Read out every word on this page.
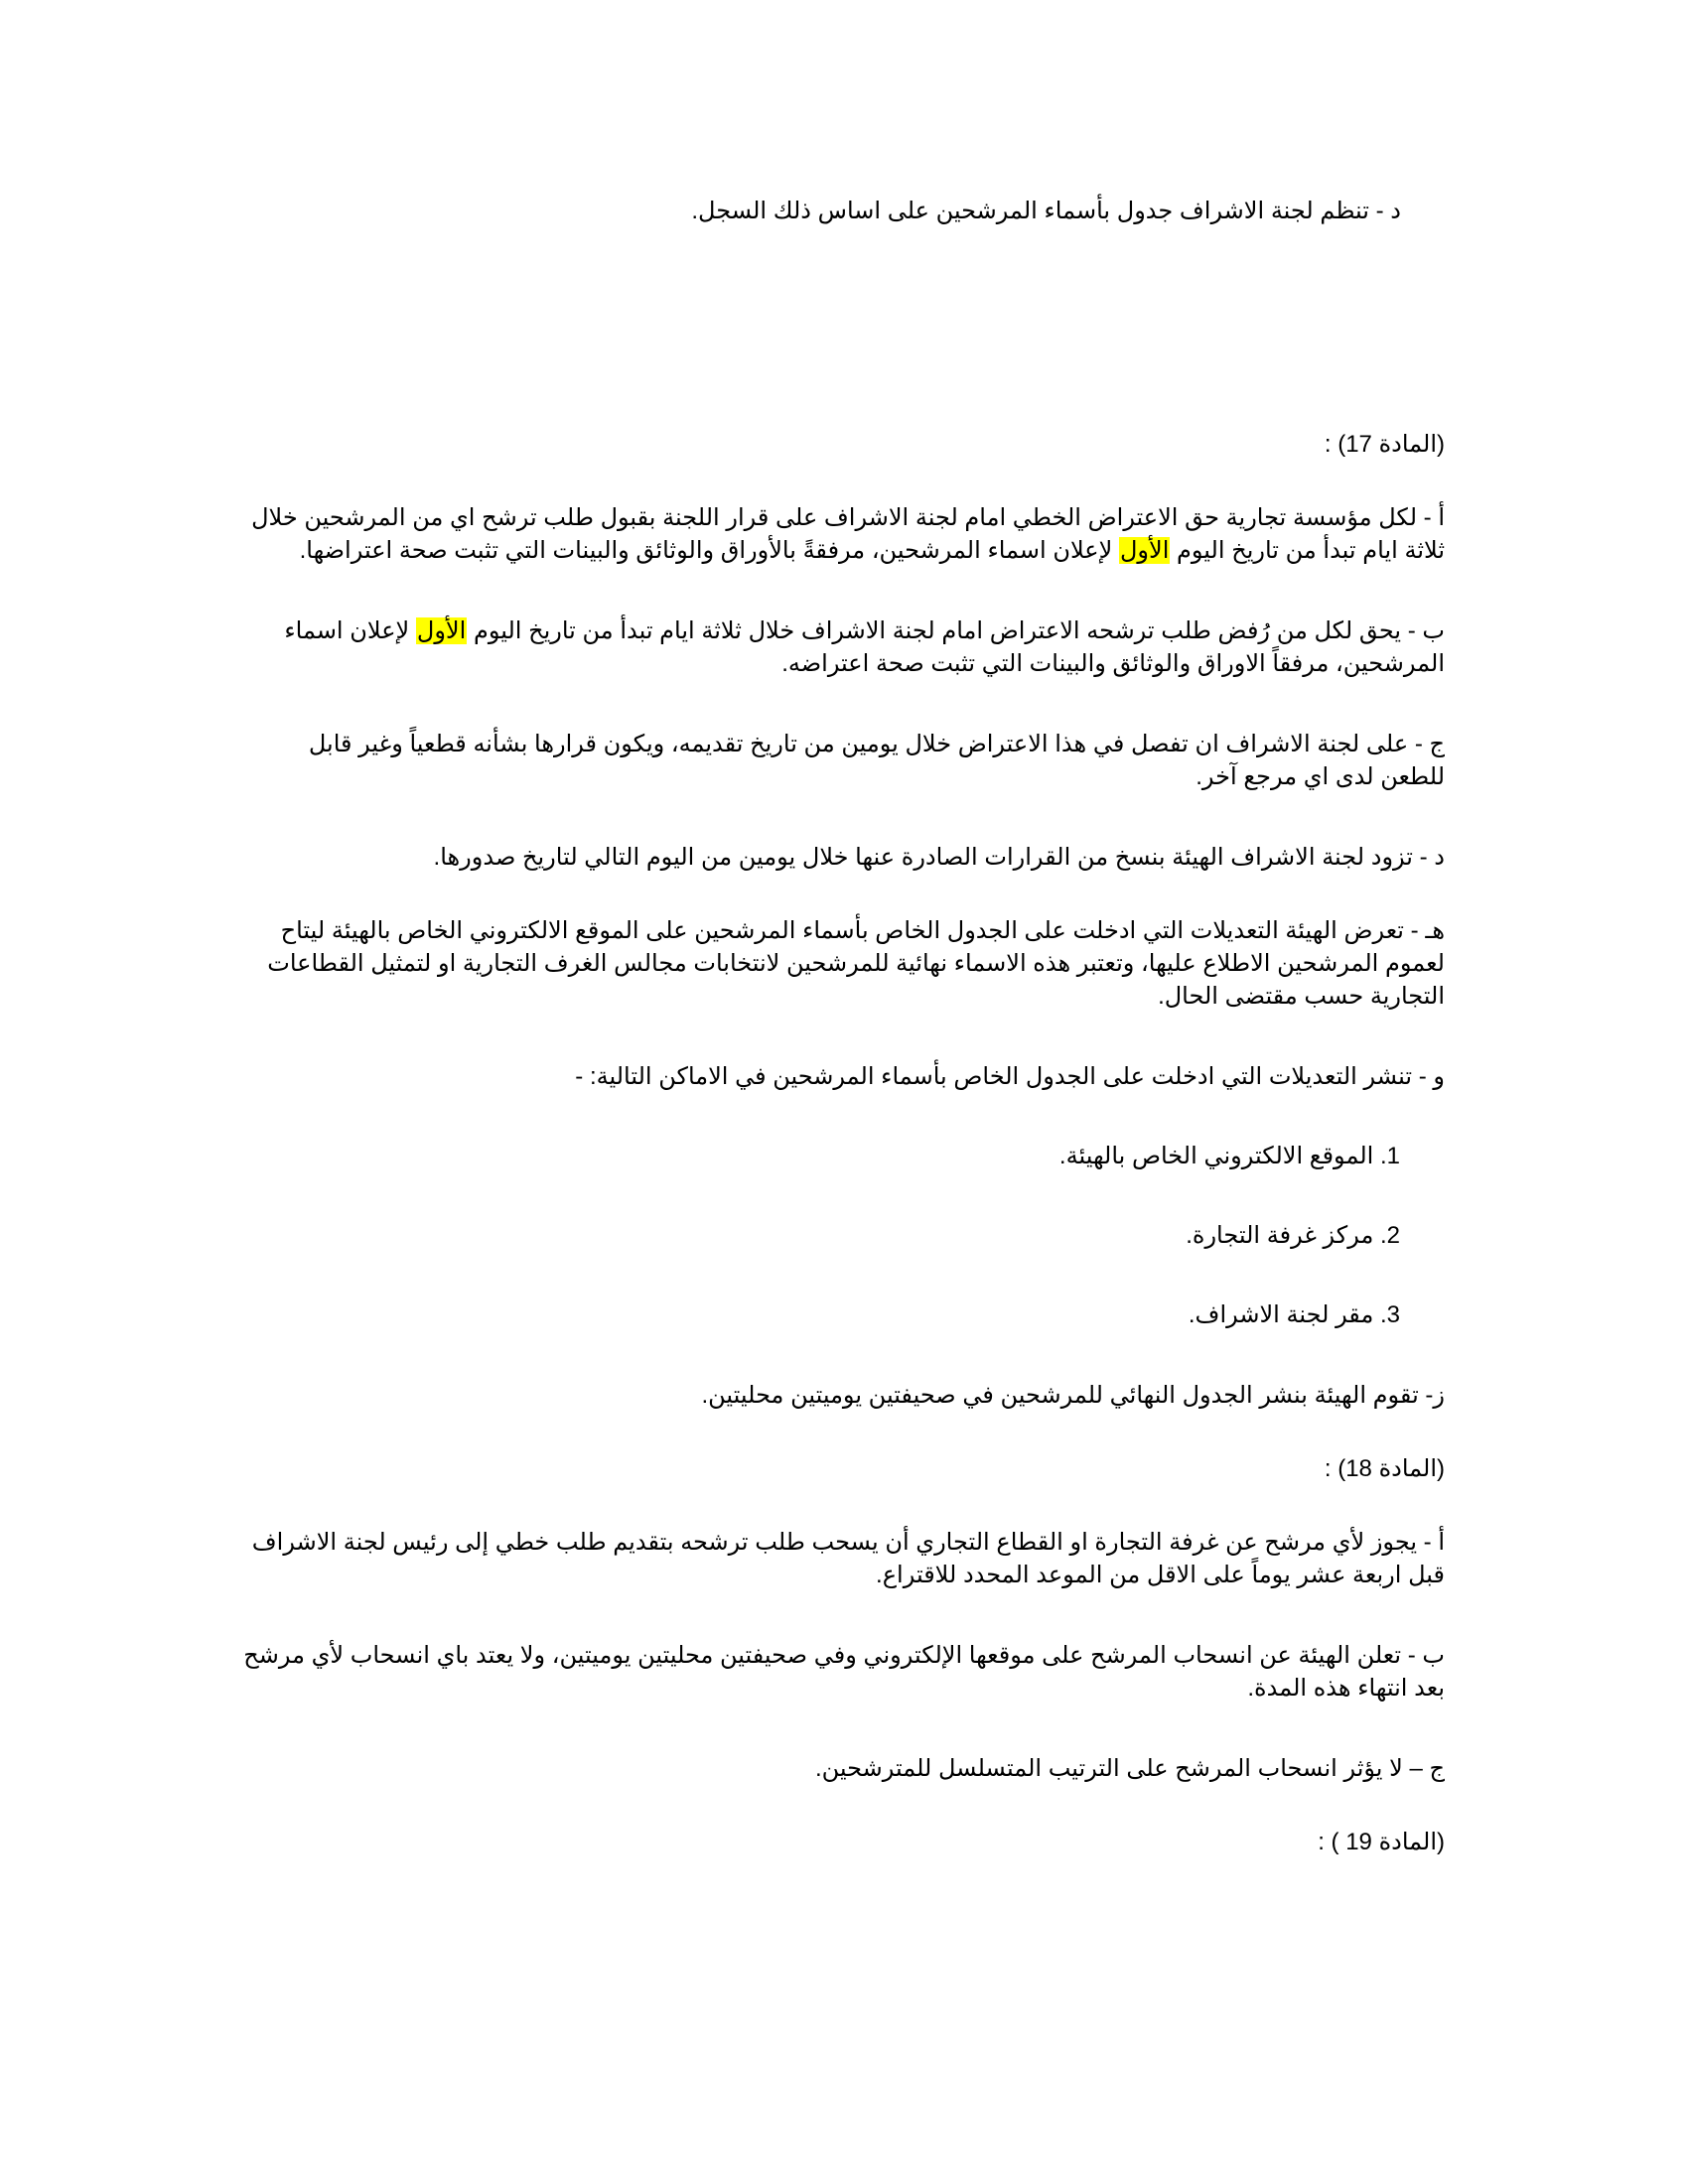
د - تنظم لجنة الاشراف جدول بأسماء المرشحين على اساس ذلك السجل.
(المادة 17) :
أ - لكل مؤسسة تجارية حق الاعتراض الخطي امام لجنة الاشراف على قرار اللجنة بقبول طلب ترشح اي من المرشحين خلال
ثلاثة ايام تبدأ من تاريخ اليوم الأول لإعلان اسماء المرشحين، مرفقةً بالأوراق والوثائق والبينات التي تثبت صحة اعتراضها.
ب - يحق لكل من رُفض طلب ترشحه الاعتراض امام لجنة الاشراف خلال ثلاثة ايام تبدأ من تاريخ اليوم الأول لإعلان اسماء
المرشحين، مرفقاً الاوراق والوثائق والبينات التي تثبت صحة اعتراضه.
ج - على لجنة الاشراف ان تفصل في هذا الاعتراض خلال يومين من تاريخ تقديمه، ويكون قرارها بشأنه قطعياً وغير قابل
للطعن لدى اي مرجع آخر.
د - تزود لجنة الاشراف الهيئة بنسخ من القرارات الصادرة عنها خلال يومين من اليوم التالي لتاريخ صدورها.
هـ - تعرض الهيئة التعديلات التي ادخلت على الجدول الخاص بأسماء المرشحين على الموقع الالكتروني الخاص بالهيئة ليتاح
لعموم المرشحين الاطلاع عليها، وتعتبر هذه الاسماء نهائية للمرشحين لانتخابات مجالس الغرف التجارية او لتمثيل القطاعات
التجارية حسب مقتضى الحال.
و - تنشر التعديلات التي ادخلت على الجدول الخاص بأسماء المرشحين في الاماكن التالية: -
1. الموقع الالكتروني الخاص بالهيئة.
2. مركز غرفة التجارة.
3. مقر لجنة الاشراف.
ز- تقوم الهيئة بنشر الجدول النهائي للمرشحين في صحيفتين يوميتين محليتين.
(المادة 18) :
أ - يجوز لأي مرشح عن غرفة التجارة او القطاع التجاري أن يسحب طلب ترشحه بتقديم طلب خطي إلى رئيس لجنة الاشراف
قبل اربعة عشر يوماً على الاقل من الموعد المحدد للاقتراع.
ب - تعلن الهيئة عن انسحاب المرشح على موقعها الإلكتروني وفي صحيفتين محليتين يوميتين، ولا يعتد باي انسحاب لأي مرشح
بعد انتهاء هذه المدة.
ج – لا يؤثر انسحاب المرشح على الترتيب المتسلسل للمترشحين.
(المادة 19 ) :
